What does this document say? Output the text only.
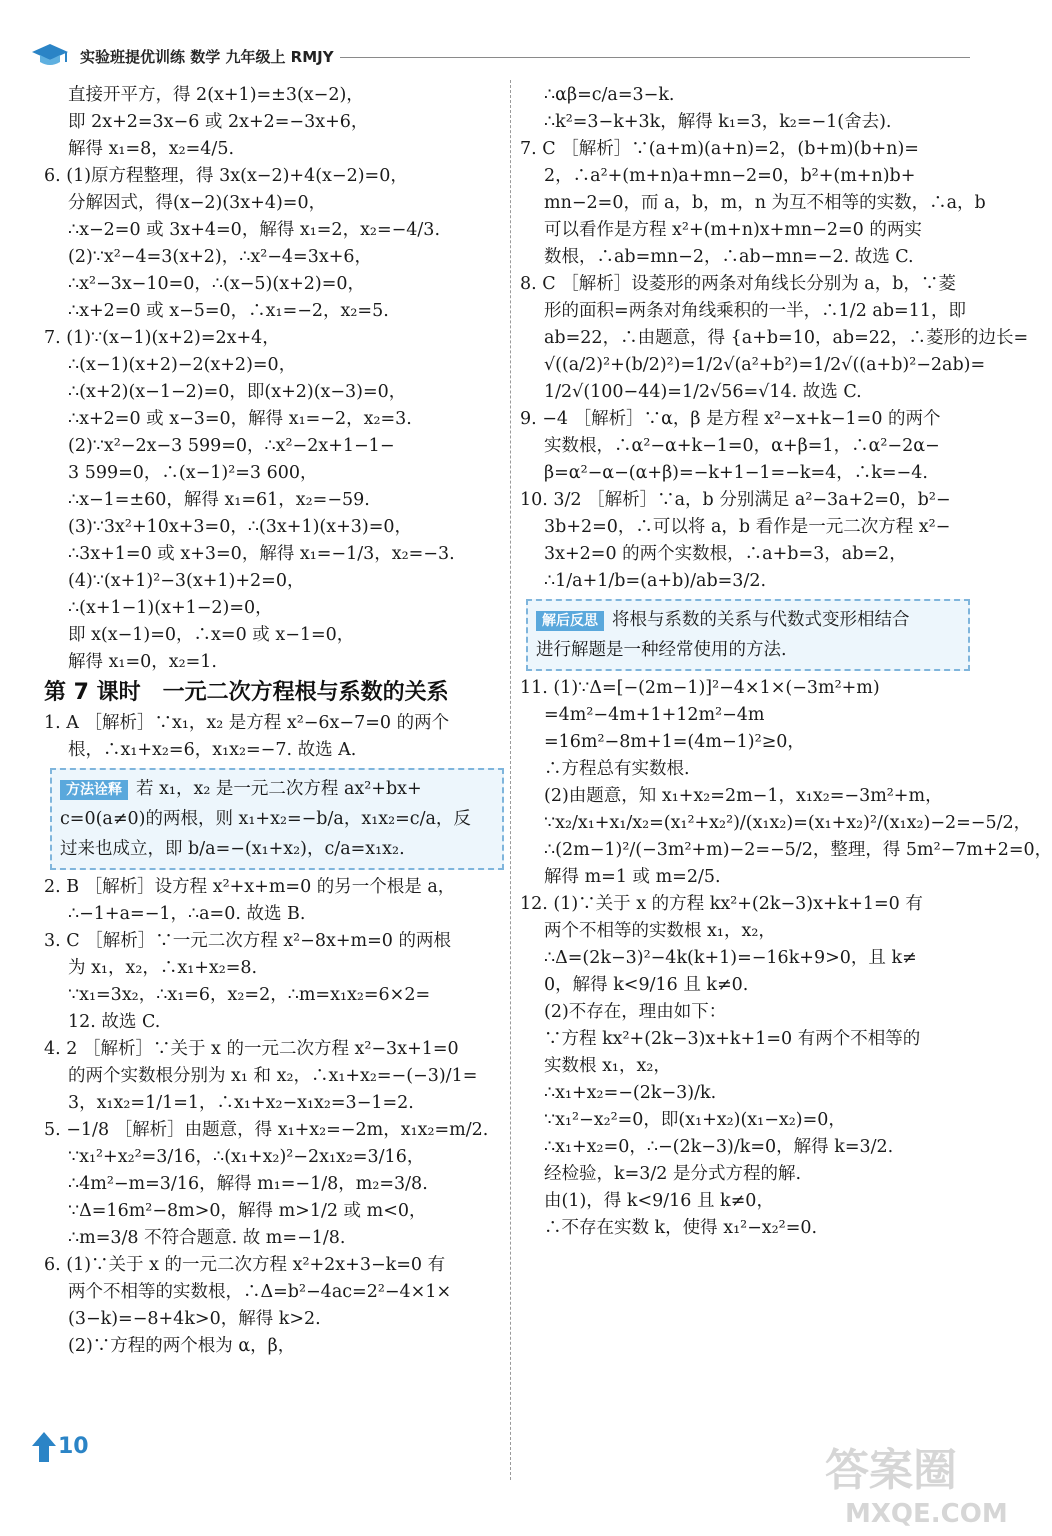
实验班提优训练 数学 九年级上 RMJY
直接开平方，得 2(x+1)=±3(x−2)，
即 2x+2=3x−6 或 2x+2=−3x+6，
解得 x₁=8，x₂=4/5.
6. (1)原方程整理，得 3x(x−2)+4(x−2)=0，
分解因式，得(x−2)(3x+4)=0，
∴x−2=0 或 3x+4=0，解得 x₁=2，x₂=−4/3.
(2)∵x²−4=3(x+2)，∴x²−4=3x+6，
∴x²−3x−10=0，∴(x−5)(x+2)=0，
∴x+2=0 或 x−5=0，∴x₁=−2，x₂=5.
7. (1)∵(x−1)(x+2)=2x+4，
∴(x−1)(x+2)−2(x+2)=0，
∴(x+2)(x−1−2)=0，即(x+2)(x−3)=0，
∴x+2=0 或 x−3=0，解得 x₁=−2，x₂=3.
(2)∵x²−2x−3 599=0，∴x²−2x+1−1−
3 599=0，∴(x−1)²=3 600，
∴x−1=±60，解得 x₁=61，x₂=−59.
(3)∵3x²+10x+3=0，∴(3x+1)(x+3)=0，
∴3x+1=0 或 x+3=0，解得 x₁=−1/3，x₂=−3.
(4)∵(x+1)²−3(x+1)+2=0，
∴(x+1−1)(x+1−2)=0，
即 x(x−1)=0，∴x=0 或 x−1=0，
解得 x₁=0，x₂=1.
第 7 课时　一元二次方程根与系数的关系
1. A ［解析］∵x₁，x₂ 是方程 x²−6x−7=0 的两个
根，∴x₁+x₂=6，x₁x₂=−7. 故选 A.
方法诠释 若 x₁，x₂ 是一元二次方程 ax²+bx+
c=0(a≠0)的两根，则 x₁+x₂=−b/a，x₁x₂=c/a，反
过来也成立，即 b/a=−(x₁+x₂)，c/a=x₁x₂.
2. B ［解析］设方程 x²+x+m=0 的另一个根是 a，
∴−1+a=−1，∴a=0. 故选 B.
3. C ［解析］∵一元二次方程 x²−8x+m=0 的两根
为 x₁，x₂，∴x₁+x₂=8.
∵x₁=3x₂，∴x₁=6，x₂=2，∴m=x₁x₂=6×2=
12. 故选 C.
4. 2 ［解析］∵关于 x 的一元二次方程 x²−3x+1=0
的两个实数根分别为 x₁ 和 x₂，∴x₁+x₂=−(−3)/1=
3，x₁x₂=1/1=1，∴x₁+x₂−x₁x₂=3−1=2.
5. −1/8 ［解析］由题意，得 x₁+x₂=−2m，x₁x₂=m/2.
∵x₁²+x₂²=3/16，∴(x₁+x₂)²−2x₁x₂=3/16，
∴4m²−m=3/16，解得 m₁=−1/8，m₂=3/8.
∵Δ=16m²−8m>0，解得 m>1/2 或 m<0，
∴m=3/8 不符合题意. 故 m=−1/8.
6. (1)∵关于 x 的一元二次方程 x²+2x+3−k=0 有
两个不相等的实数根，∴Δ=b²−4ac=2²−4×1×
(3−k)=−8+4k>0，解得 k>2.
(2)∵方程的两个根为 α，β，
∴αβ=c/a=3−k.
∴k²=3−k+3k，解得 k₁=3，k₂=−1(舍去).
7. C ［解析］∵(a+m)(a+n)=2，(b+m)(b+n)=
2，∴a²+(m+n)a+mn−2=0，b²+(m+n)b+
mn−2=0，而 a，b，m，n 为互不相等的实数，∴a，b
可以看作是方程 x²+(m+n)x+mn−2=0 的两实
数根，∴ab=mn−2，∴ab−mn=−2. 故选 C.
8. C ［解析］设菱形的两条对角线长分别为 a，b，∵菱
形的面积=两条对角线乘积的一半，∴1/2 ab=11，即
ab=22，∴由题意，得 {a+b=10，ab=22，∴菱形的边长=
√((a/2)²+(b/2)²)=1/2√(a²+b²)=1/2√((a+b)²−2ab)=
1/2√(100−44)=1/2√56=√14. 故选 C.
9. −4 ［解析］∵α，β 是方程 x²−x+k−1=0 的两个
实数根，∴α²−α+k−1=0，α+β=1，∴α²−2α−
β=α²−α−(α+β)=−k+1−1=−k=4，∴k=−4.
10. 3/2 ［解析］∵a，b 分别满足 a²−3a+2=0，b²−
3b+2=0，∴可以将 a，b 看作是一元二次方程 x²−
3x+2=0 的两个实数根，∴a+b=3，ab=2，
∴1/a+1/b=(a+b)/ab=3/2.
解后反思 将根与系数的关系与代数式变形相结合
进行解题是一种经常使用的方法.
11. (1)∵Δ=[−(2m−1)]²−4×1×(−3m²+m)
=4m²−4m+1+12m²−4m
=16m²−8m+1=(4m−1)²≥0，
∴方程总有实数根.
(2)由题意，知 x₁+x₂=2m−1，x₁x₂=−3m²+m，
∵x₂/x₁+x₁/x₂=(x₁²+x₂²)/(x₁x₂)=(x₁+x₂)²/(x₁x₂)−2=−5/2，
∴(2m−1)²/(−3m²+m)−2=−5/2，整理，得 5m²−7m+2=0，
解得 m=1 或 m=2/5.
12. (1)∵关于 x 的方程 kx²+(2k−3)x+k+1=0 有
两个不相等的实数根 x₁，x₂，
∴Δ=(2k−3)²−4k(k+1)=−16k+9>0，且 k≠
0，解得 k<9/16 且 k≠0.
(2)不存在，理由如下：
∵方程 kx²+(2k−3)x+k+1=0 有两个不相等的
实数根 x₁，x₂，
∴x₁+x₂=−(2k−3)/k.
∵x₁²−x₂²=0，即(x₁+x₂)(x₁−x₂)=0，
∴x₁+x₂=0，∴−(2k−3)/k=0，解得 k=3/2.
经检验，k=3/2 是分式方程的解.
由(1)，得 k<9/16 且 k≠0，
∴不存在实数 k，使得 x₁²−x₂²=0.
10	答案圈
MXQE.COM
